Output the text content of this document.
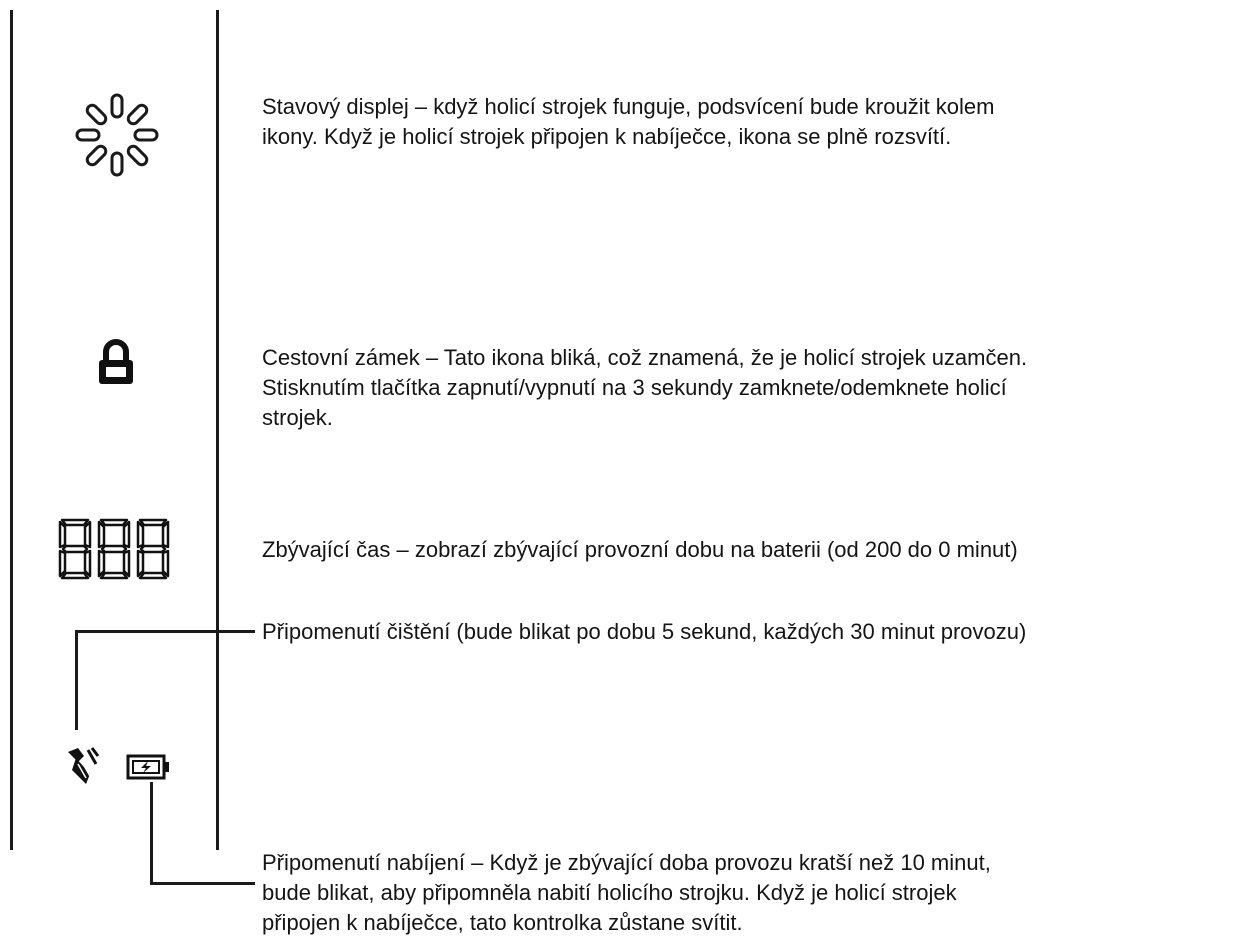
Stavový displej – když holicí strojek funguje, podsvícení bude kroužit kolem

ikony. Když je holicí strojek připojen k nabíječce, ikona se plně rozsvítí.

Cestovní zámek – Tato ikona bliká, což znamená, že je holicí strojek uzamčen.

Stisknutím tlačítka zapnutí/vypnutí na 3 sekundy zamknete/odemknete holicí

strojek.

Zbývající čas – zobrazí zbývající provozní dobu na baterii (od 200 do 0 minut)

Připomenutí čištění (bude blikat po dobu 5 sekund, každých 30 minut provozu)

Připomenutí nabíjení – Když je zbývající doba provozu kratší než 10 minut,

bude blikat, aby připomněla nabití holicího strojku. Když je holicí strojek

připojen k nabíječce, tato kontrolka zůstane svítit.
